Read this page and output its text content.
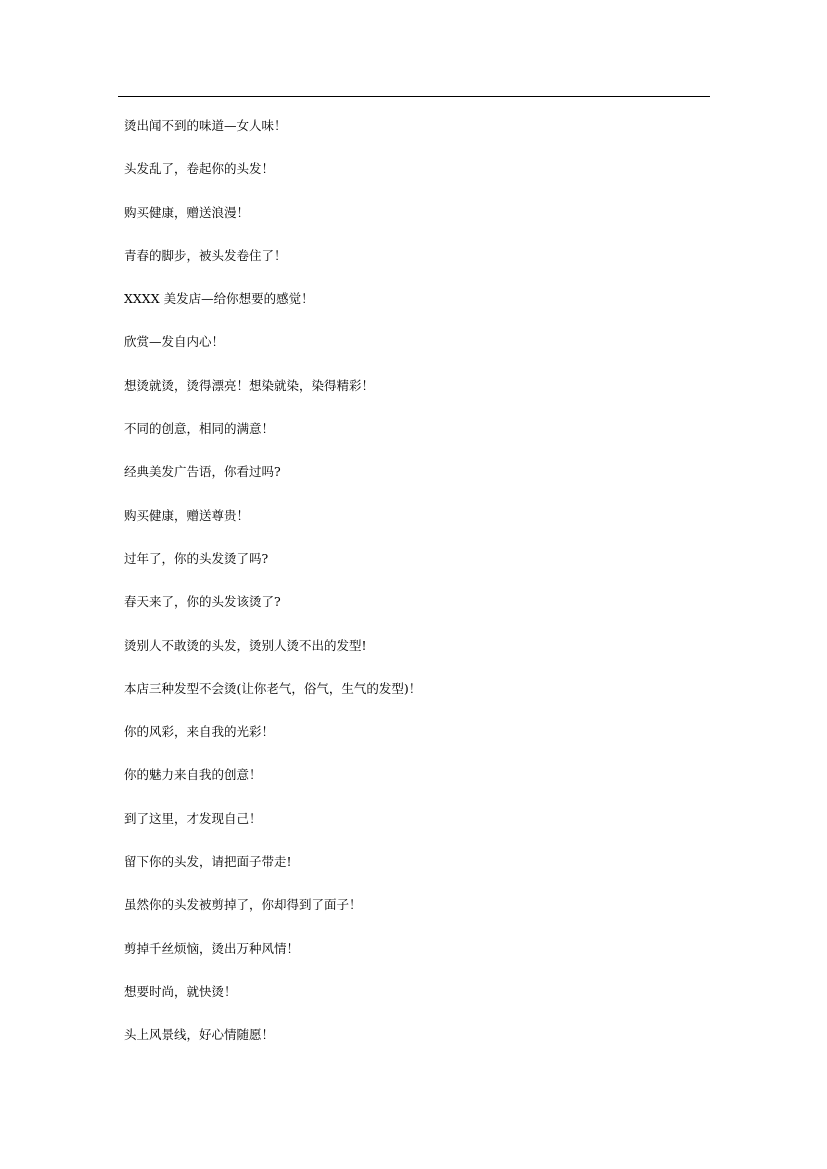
烫出闻不到的味道—女人味！
头发乱了，卷起你的头发！
购买健康，赠送浪漫！
青春的脚步，被头发卷住了！
XXXX 美发店—给你想要的感觉！
欣赏—发自内心！
想烫就烫，烫得漂亮！想染就染，染得精彩！
不同的创意，相同的满意！
经典美发广告语，你看过吗?
购买健康，赠送尊贵！
过年了，你的头发烫了吗?
春天来了，你的头发该烫了?
烫别人不敢烫的头发，烫别人烫不出的发型!
本店三种发型不会烫(让你老气，俗气，生气的发型)！
你的风彩，来自我的光彩！
你的魅力来自我的创意！
到了这里，才发现自己！
留下你的头发，请把面子带走!
虽然你的头发被剪掉了，你却得到了面子！
剪掉千丝烦恼，烫出万种风情！
想要时尚，就快烫！
头上风景线，好心情随愿！
